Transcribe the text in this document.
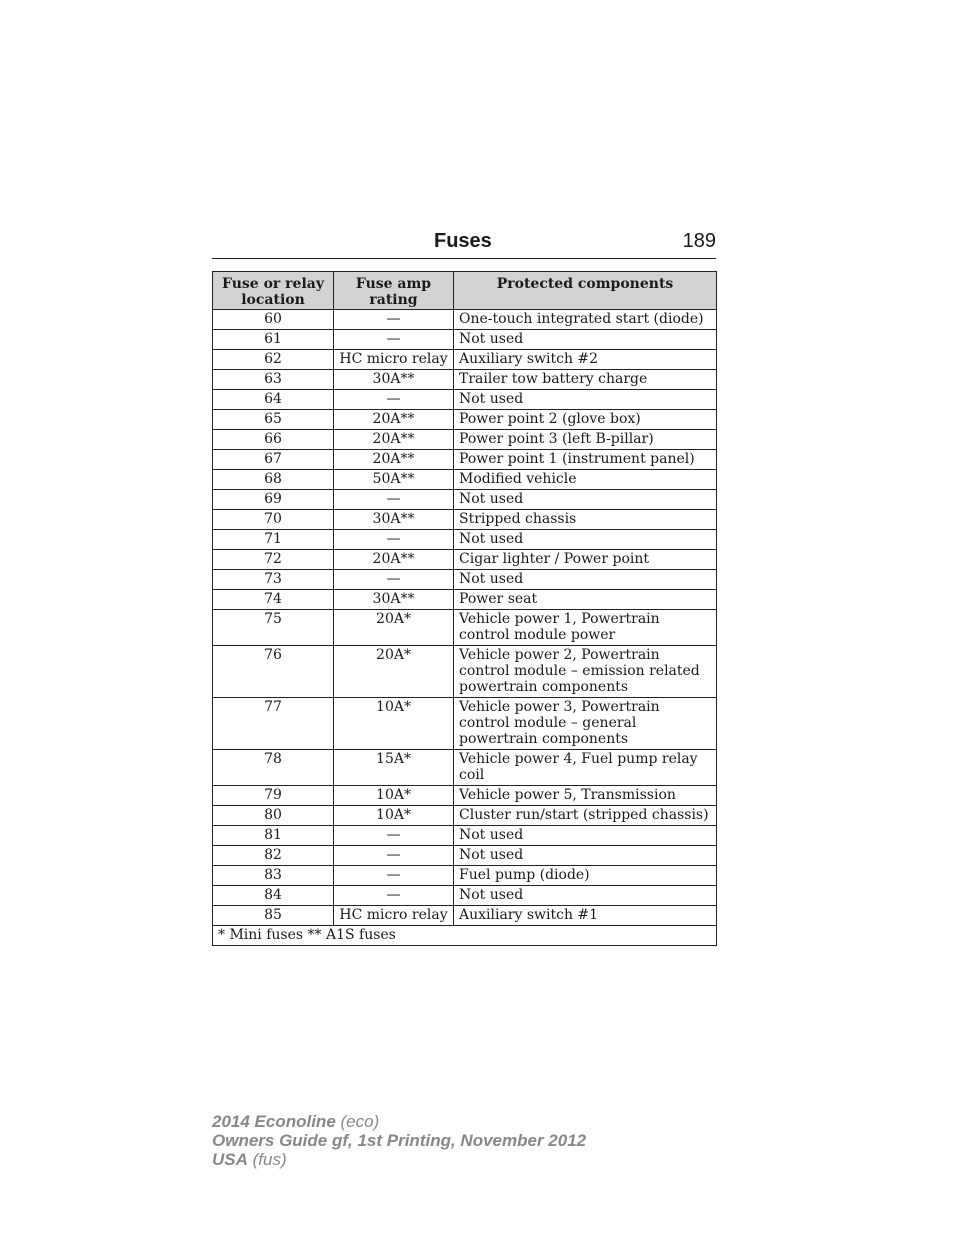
Fuses	189
Fuse or relay location	Fuse amp rating	Protected components
60	—	One-touch integrated start (diode)
61	—	Not used
62	HC micro relay	Auxiliary switch #2
63	30A**	Trailer tow battery charge
64	—	Not used
65	20A**	Power point 2 (glove box)
66	20A**	Power point 3 (left B-pillar)
67	20A**	Power point 1 (instrument panel)
68	50A**	Modified vehicle
69	—	Not used
70	30A**	Stripped chassis
71	—	Not used
72	20A**	Cigar lighter / Power point
73	—	Not used
74	30A**	Power seat
75	20A*	Vehicle power 1, Powertrain control module power
76	20A*	Vehicle power 2, Powertrain control module – emission related powertrain components
77	10A*	Vehicle power 3, Powertrain control module – general powertrain components
78	15A*	Vehicle power 4, Fuel pump relay coil
79	10A*	Vehicle power 5, Transmission
80	10A*	Cluster run/start (stripped chassis)
81	—	Not used
82	—	Not used
83	—	Fuel pump (diode)
84	—	Not used
85	HC micro relay	Auxiliary switch #1
* Mini fuses ** A1S fuses		
2014 Econoline (eco)
Owners Guide gf, 1st Printing, November 2012
USA (fus)
